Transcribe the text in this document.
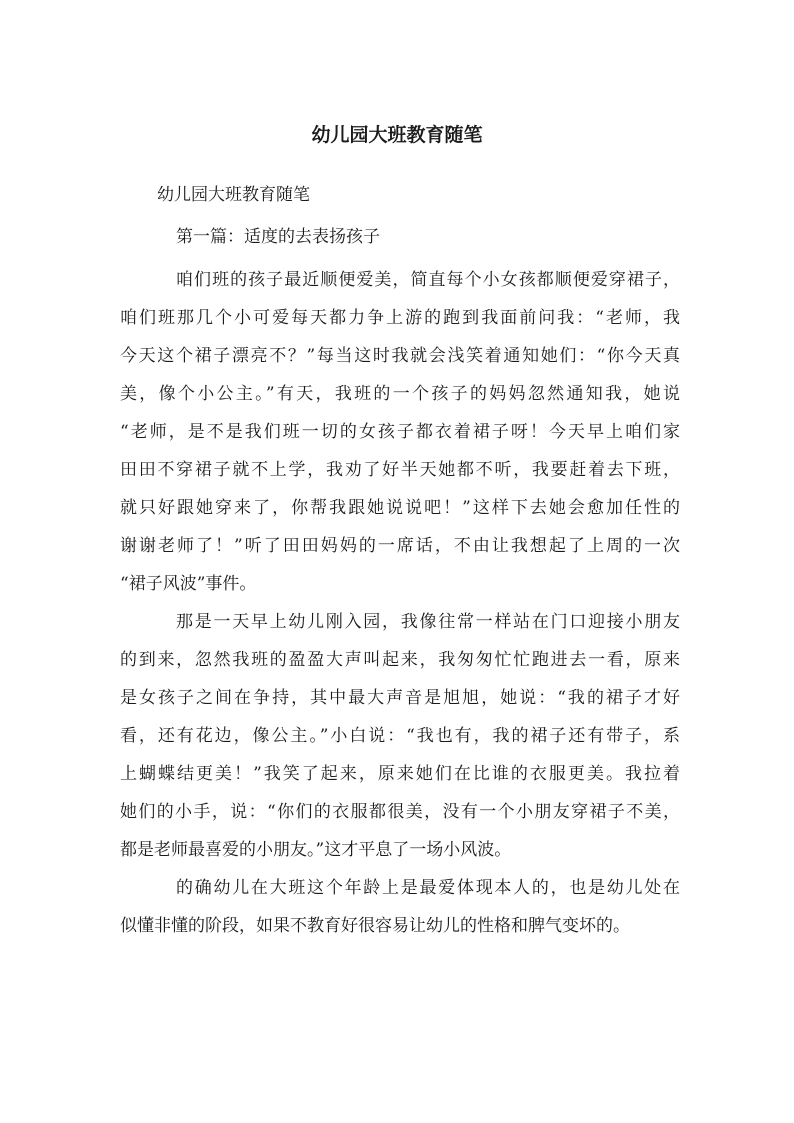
幼儿园大班教育随笔

幼儿园大班教育随笔

第一篇：适度的去表扬孩子

咱们班的孩子最近顺便爱美，简直每个小女孩都顺便爱穿裙子，
咱们班那几个小可爱每天都力争上游的跑到我面前问我：“老师，我
今天这个裙子漂亮不？”每当这时我就会浅笑着通知她们：“你今天真
美，像个小公主。”有天，我班的一个孩子的妈妈忽然通知我，她说
“老师，是不是我们班一切的女孩子都衣着裙子呀！今天早上咱们家
田田不穿裙子就不上学，我劝了好半天她都不听，我要赶着去下班，
就只好跟她穿来了，你帮我跟她说说吧！”这样下去她会愈加任性的
谢谢老师了！”听了田田妈妈的一席话，不由让我想起了上周的一次
“裙子风波”事件。

那是一天早上幼儿刚入园，我像往常一样站在门口迎接小朋友
的到来，忽然我班的盈盈大声叫起来，我匆匆忙忙跑进去一看，原来
是女孩子之间在争持，其中最大声音是旭旭，她说：“我的裙子才好
看，还有花边，像公主。”小白说：“我也有，我的裙子还有带子，系
上蝴蝶结更美！”我笑了起来，原来她们在比谁的衣服更美。我拉着
她们的小手，说：“你们的衣服都很美，没有一个小朋友穿裙子不美，
都是老师最喜爱的小朋友。”这才平息了一场小风波。

的确幼儿在大班这个年龄上是最爱体现本人的，也是幼儿处在
似懂非懂的阶段，如果不教育好很容易让幼儿的性格和脾气变坏的。
